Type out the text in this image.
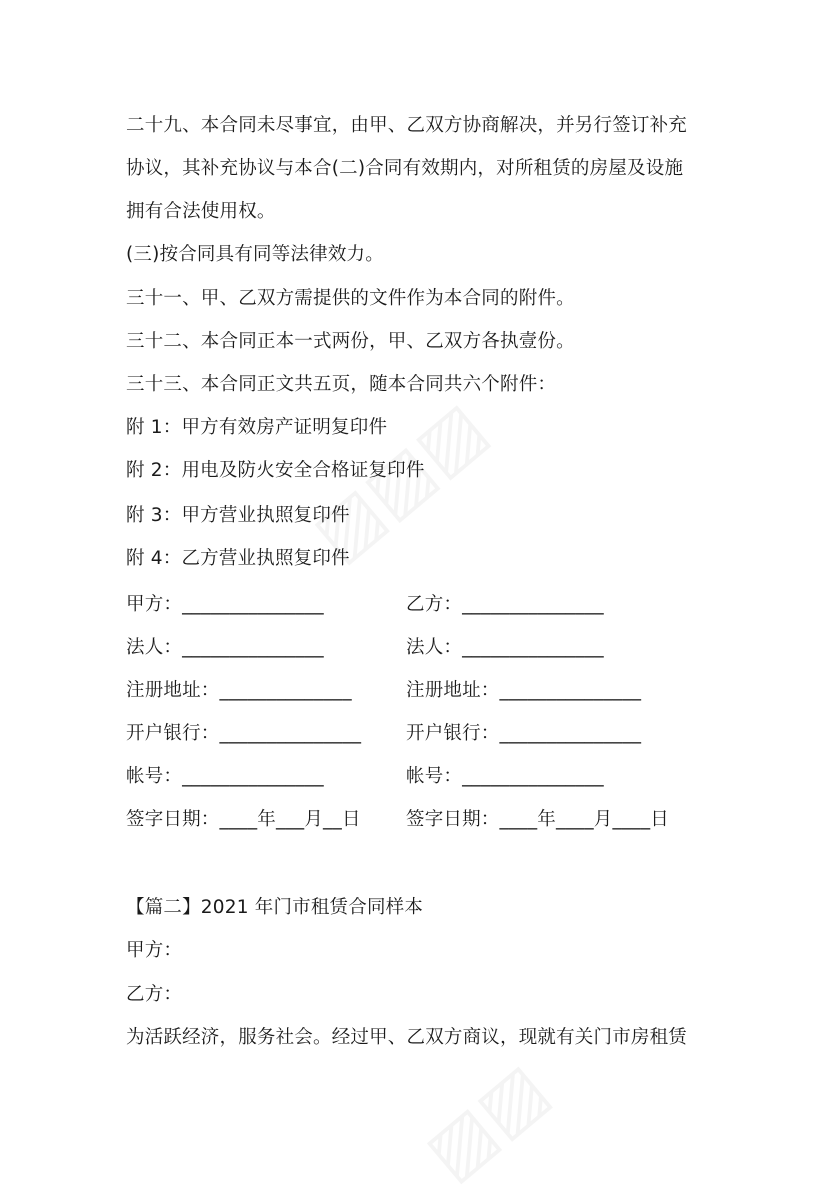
二十九、本合同未尽事宜，由甲、乙双方协商解决，并另行签订补充
协议，其补充协议与本合(二)合同有效期内，对所租赁的房屋及设施
拥有合法使用权。
(三)按合同具有同等法律效力。
三十一、甲、乙双方需提供的文件作为本合同的附件。
三十二、本合同正本一式两份，甲、乙双方各执壹份。
三十三、本合同正文共五页，随本合同共六个附件：
附 1：甲方有效房产证明复印件
附 2：用电及防火安全合格证复印件
附 3：甲方营业执照复印件
附 4：乙方营业执照复印件
甲方：_______________
法人：_______________
注册地址：______________
开户银行：_______________
帐号：_______________
签字日期：____年___月__日
乙方：_______________
法人：_______________
注册地址：_______________
开户银行：_______________
帐号：_______________
签字日期：____年____月____日
【篇二】2021 年门市租赁合同样本
甲方：
乙方：
为活跃经济，服务社会。经过甲、乙双方商议，现就有关门市房租赁
